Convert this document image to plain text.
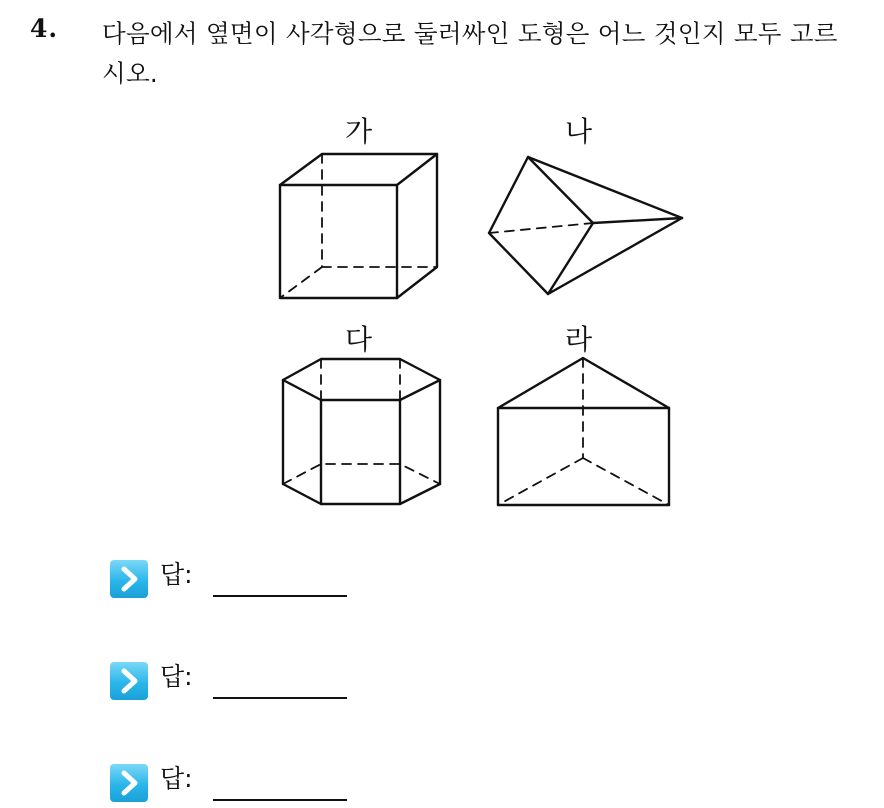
4. 다음에서 옆면이 사각형으로 둘러싸인 도형은 어느 것인지 모두 고르
시오.
가	나
다	라
답:
답:
답:
